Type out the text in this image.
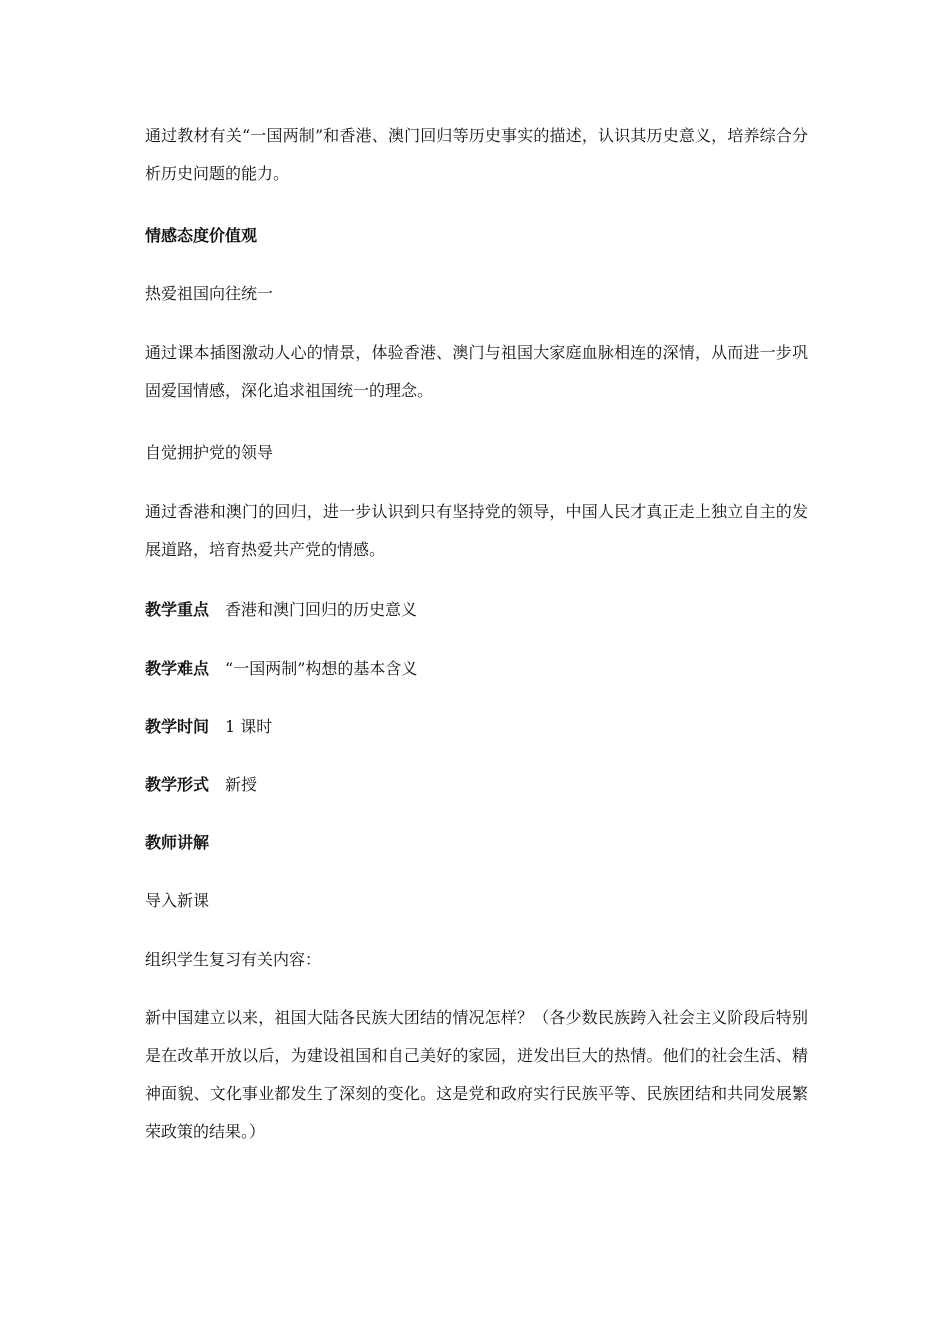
通过教材有关“一国两制”和香港、澳门回归等历史事实的描述，认识其历史意义，培养综合分析历史问题的能力。
情感态度价值观
热爱祖国向往统一
通过课本插图激动人心的情景，体验香港、澳门与祖国大家庭血脉相连的深情，从而进一步巩固爱国情感，深化追求祖国统一的理念。
自觉拥护党的领导
通过香港和澳门的回归，进一步认识到只有坚持党的领导，中国人民才真正走上独立自主的发展道路，培育热爱共产党的情感。
教学重点 香港和澳门回归的历史意义
教学难点 “一国两制”构想的基本含义
教学时间 1 课时
教学形式 新授
教师讲解
导入新课
组织学生复习有关内容：
新中国建立以来，祖国大陆各民族大团结的情况怎样？（各少数民族跨入社会主义阶段后特别是在改革开放以后，为建设祖国和自己美好的家园，迸发出巨大的热情。他们的社会生活、精神面貌、文化事业都发生了深刻的变化。这是党和政府实行民族平等、民族团结和共同发展繁荣政策的结果。）
